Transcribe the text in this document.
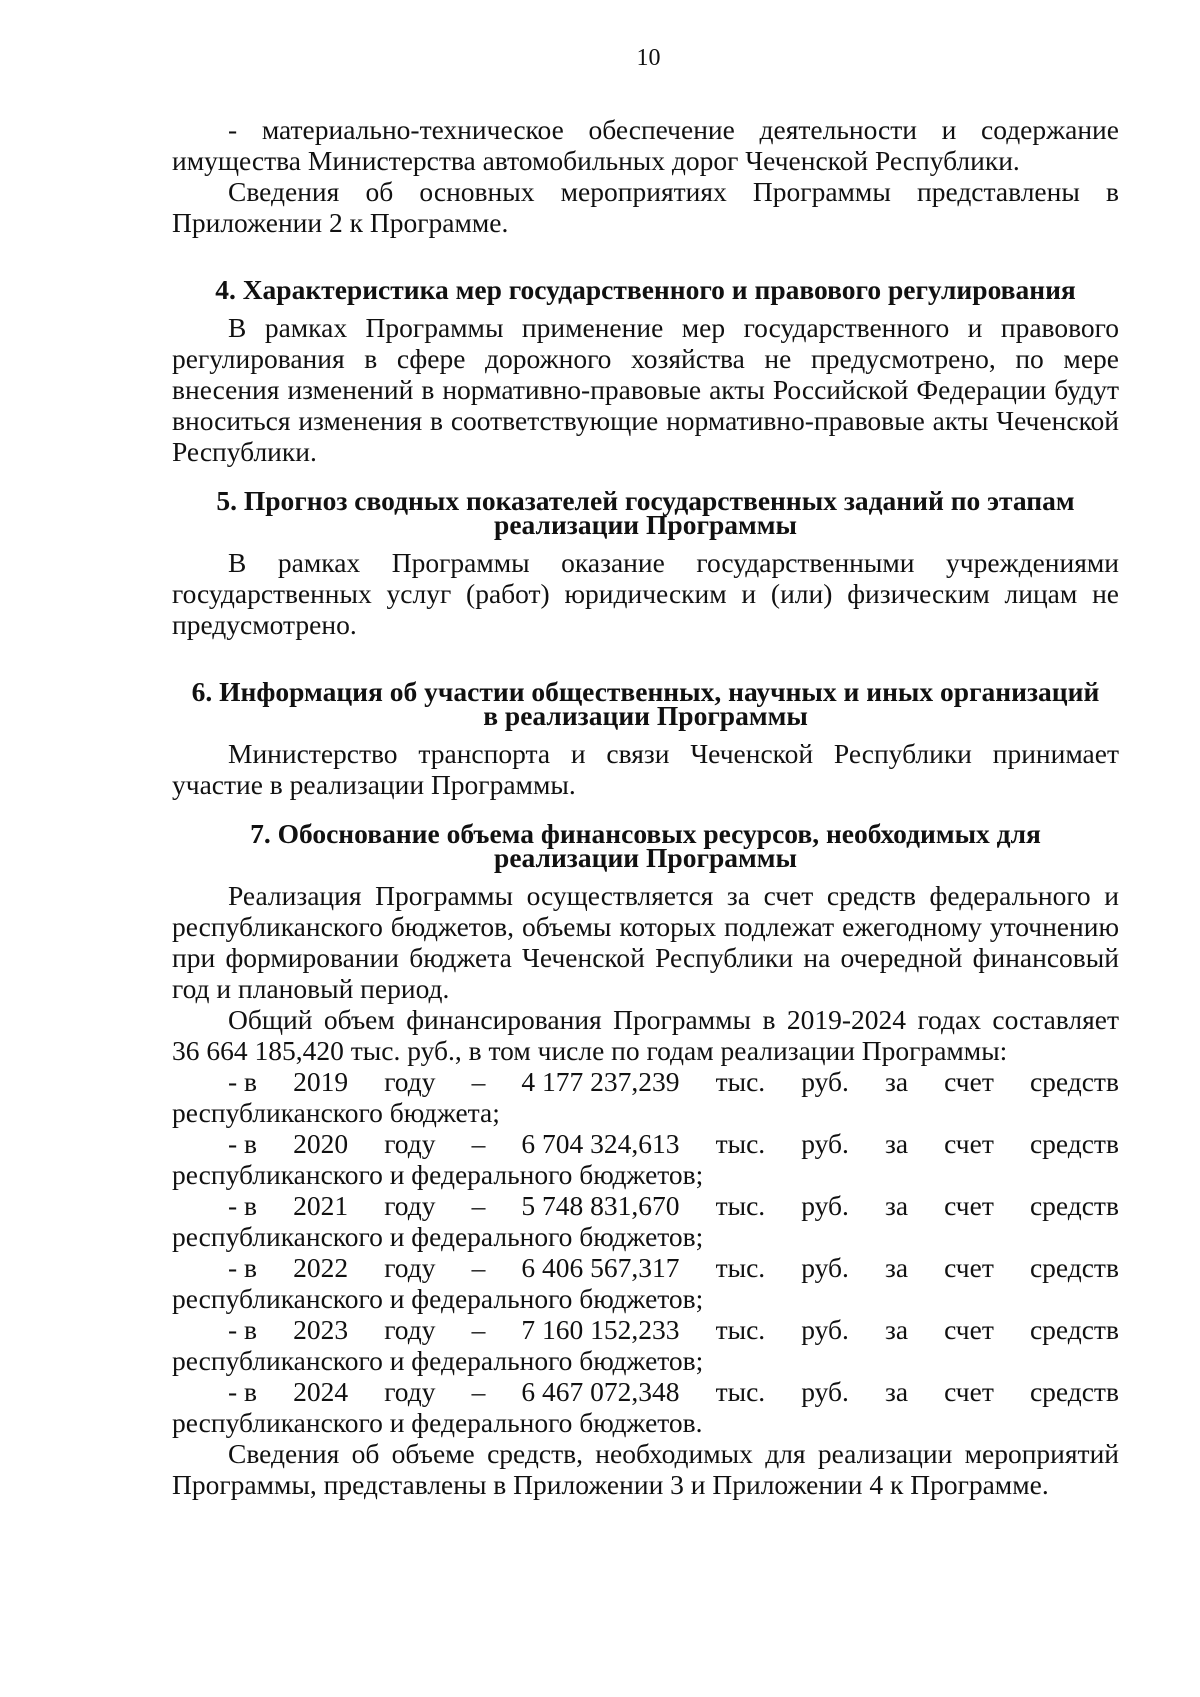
10

- материально-техническое обеспечение деятельности и содержание имущества Министерства автомобильных дорог Чеченской Республики.

Сведения об основных мероприятиях Программы представлены в Приложении 2 к Программе.

4. Характеристика мер государственного и правового регулирования

В рамках Программы применение мер государственного и правового регулирования в сфере дорожного хозяйства не предусмотрено, по мере внесения изменений в нормативно-правовые акты Российской Федерации будут вноситься изменения в соответствующие нормативно-правовые акты Чеченской Республики.

5. Прогноз сводных показателей государственных заданий по этапам
реализации Программы

В рамках Программы оказание государственными учреждениями государственных услуг (работ) юридическим и (или) физическим лицам не предусмотрено.

6. Информация об участии общественных, научных и иных организаций
в реализации Программы

Министерство транспорта и связи Чеченской Республики принимает участие в реализации Программы.

7. Обоснование объема финансовых ресурсов, необходимых для
реализации Программы

Реализация Программы осуществляется за счет средств федерального и республиканского бюджетов, объемы которых подлежат ежегодному уточнению при формировании бюджета Чеченской Республики на очередной финансовый год и плановый период.

Общий объем финансирования Программы в 2019-2024 годах составляет 36 664 185,420 тыс. руб., в том числе по годам реализации Программы:

- в 2019 году – 4 177 237,239 тыс. руб. за счет средств
республиканского бюджета;
- в 2020 году – 6 704 324,613 тыс. руб. за счет средств
республиканского и федерального бюджетов;
- в 2021 году – 5 748 831,670 тыс. руб. за счет средств
республиканского и федерального бюджетов;
- в 2022 году – 6 406 567,317 тыс. руб. за счет средств
республиканского и федерального бюджетов;
- в 2023 году – 7 160 152,233 тыс. руб. за счет средств
республиканского и федерального бюджетов;
- в 2024 году – 6 467 072,348 тыс. руб. за счет средств
республиканского и федерального бюджетов.

Сведения об объеме средств, необходимых для реализации мероприятий Программы, представлены в Приложении 3 и Приложении 4 к Программе.
